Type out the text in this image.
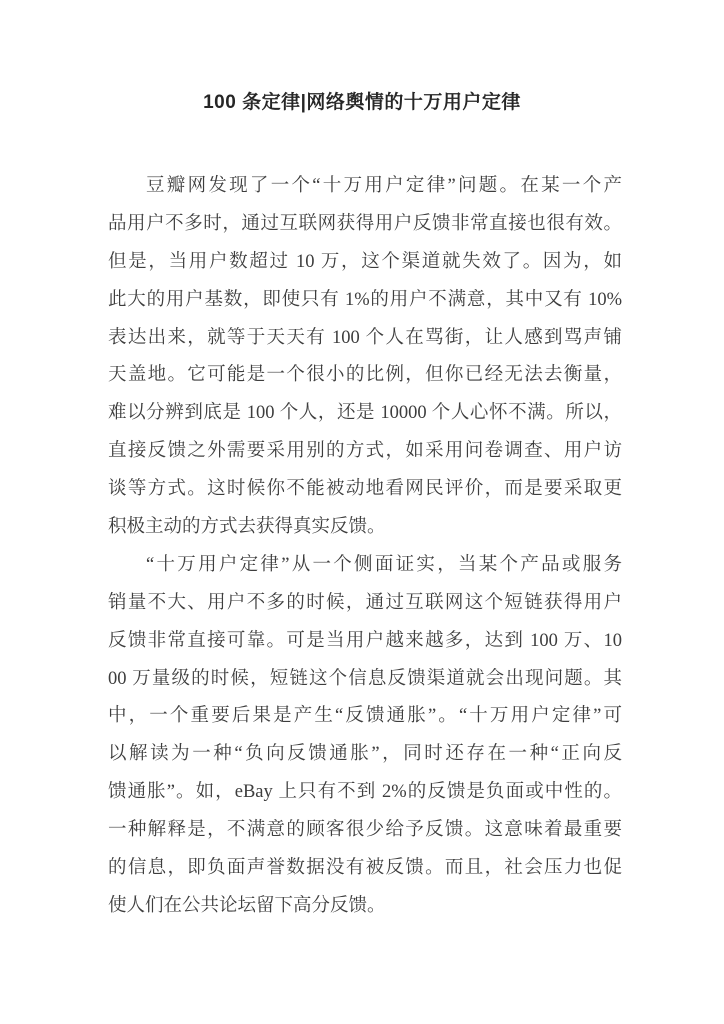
100 条定律|网络舆情的十万用户定律
豆瓣网发现了一个“十万用户定律”问题。在某一个产
品用户不多时，通过互联网获得用户反馈非常直接也很有效。
但是，当用户数超过 10 万，这个渠道就失效了。因为，如
此大的用户基数，即使只有 1%的用户不满意，其中又有 10%
表达出来，就等于天天有 100 个人在骂街，让人感到骂声铺
天盖地。它可能是一个很小的比例，但你已经无法去衡量，
难以分辨到底是 100 个人，还是 10000 个人心怀不满。所以，
直接反馈之外需要采用别的方式，如采用问卷调查、用户访
谈等方式。这时候你不能被动地看网民评价，而是要采取更
积极主动的方式去获得真实反馈。
“十万用户定律”从一个侧面证实，当某个产品或服务
销量不大、用户不多的时候，通过互联网这个短链获得用户
反馈非常直接可靠。可是当用户越来越多，达到 100 万、10
00 万量级的时候，短链这个信息反馈渠道就会出现问题。其
中，一个重要后果是产生“反馈通胀”。“十万用户定律”可
以解读为一种“负向反馈通胀”，同时还存在一种“正向反
馈通胀”。如，eBay 上只有不到 2%的反馈是负面或中性的。
一种解释是，不满意的顾客很少给予反馈。这意味着最重要
的信息，即负面声誉数据没有被反馈。而且，社会压力也促
使人们在公共论坛留下高分反馈。
